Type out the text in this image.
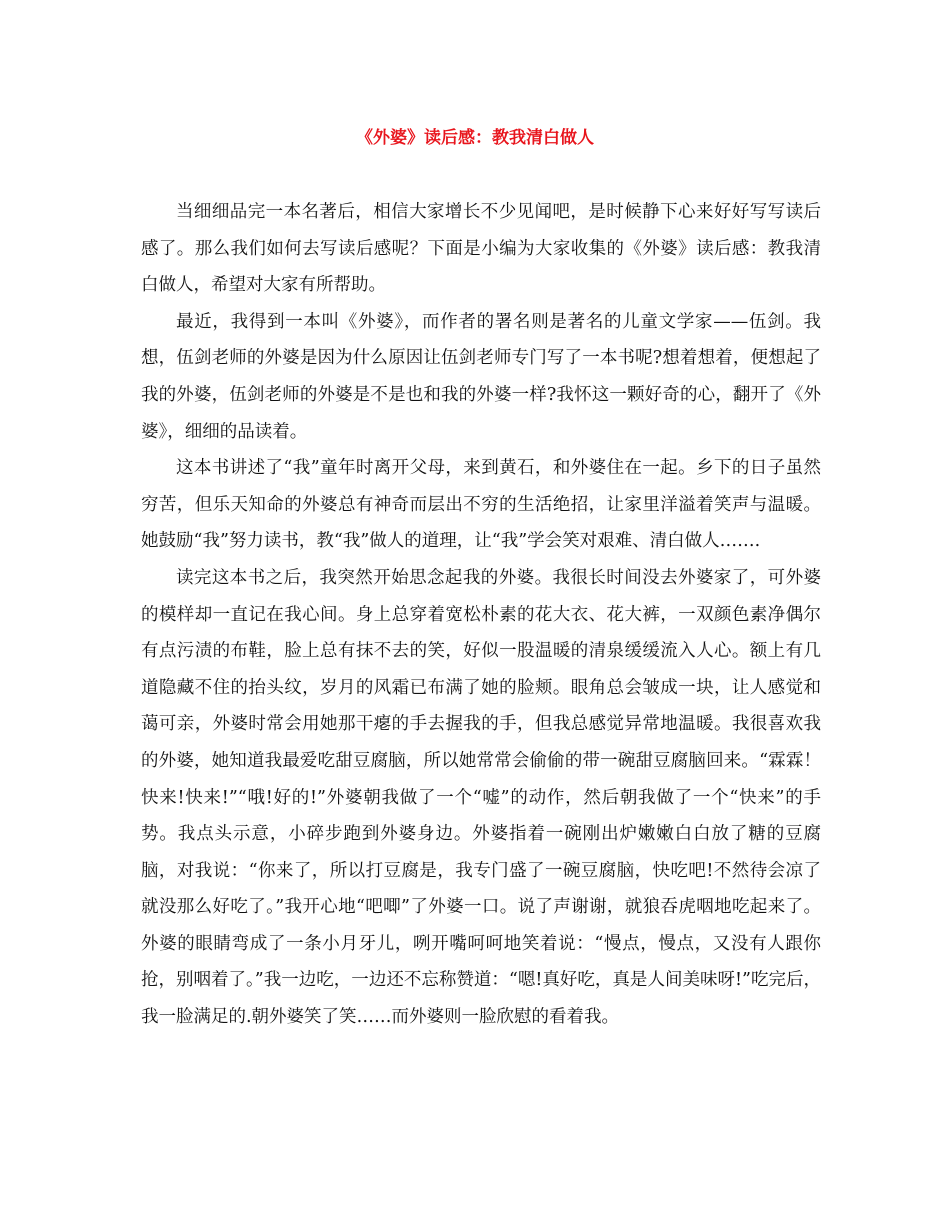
《外婆》读后感：教我清白做人

当细细品完一本名著后，相信大家增长不少见闻吧，是时候静下心来好好写写读后感了。那么我们如何去写读后感呢？下面是小编为大家收集的《外婆》读后感：教我清白做人，希望对大家有所帮助。

最近，我得到一本叫《外婆》，而作者的署名则是著名的儿童文学家——伍剑。我想，伍剑老师的外婆是因为什么原因让伍剑老师专门写了一本书呢?想着想着，便想起了我的外婆，伍剑老师的外婆是不是也和我的外婆一样?我怀这一颗好奇的心，翻开了《外婆》，细细的品读着。

这本书讲述了“我”童年时离开父母，来到黄石，和外婆住在一起。乡下的日子虽然穷苦，但乐天知命的外婆总有神奇而层出不穷的生活绝招，让家里洋溢着笑声与温暖。她鼓励“我”努力读书，教“我”做人的道理，让“我”学会笑对艰难、清白做人…….

读完这本书之后，我突然开始思念起我的外婆。我很长时间没去外婆家了，可外婆的模样却一直记在我心间。身上总穿着宽松朴素的花大衣、花大裤，一双颜色素净偶尔有点污渍的布鞋，脸上总有抹不去的笑，好似一股温暖的清泉缓缓流入人心。额上有几道隐藏不住的抬头纹，岁月的风霜已布满了她的脸颊。眼角总会皱成一块，让人感觉和蔼可亲，外婆时常会用她那干瘪的手去握我的手，但我总感觉异常地温暖。我很喜欢我的外婆，她知道我最爱吃甜豆腐脑，所以她常常会偷偷的带一碗甜豆腐脑回来。“霖霖！快来!快来!”“哦!好的!”外婆朝我做了一个“嘘”的动作，然后朝我做了一个“快来”的手势。我点头示意，小碎步跑到外婆身边。外婆指着一碗刚出炉嫩嫩白白放了糖的豆腐脑，对我说：“你来了，所以打豆腐是，我专门盛了一碗豆腐脑，快吃吧!不然待会凉了就没那么好吃了。”我开心地“吧唧”了外婆一口。说了声谢谢，就狼吞虎咽地吃起来了。外婆的眼睛弯成了一条小月牙儿，咧开嘴呵呵地笑着说：“慢点，慢点，又没有人跟你抢，别咽着了。”我一边吃，一边还不忘称赞道：“嗯!真好吃，真是人间美味呀!”吃完后，我一脸满足的.朝外婆笑了笑……而外婆则一脸欣慰的看着我。
